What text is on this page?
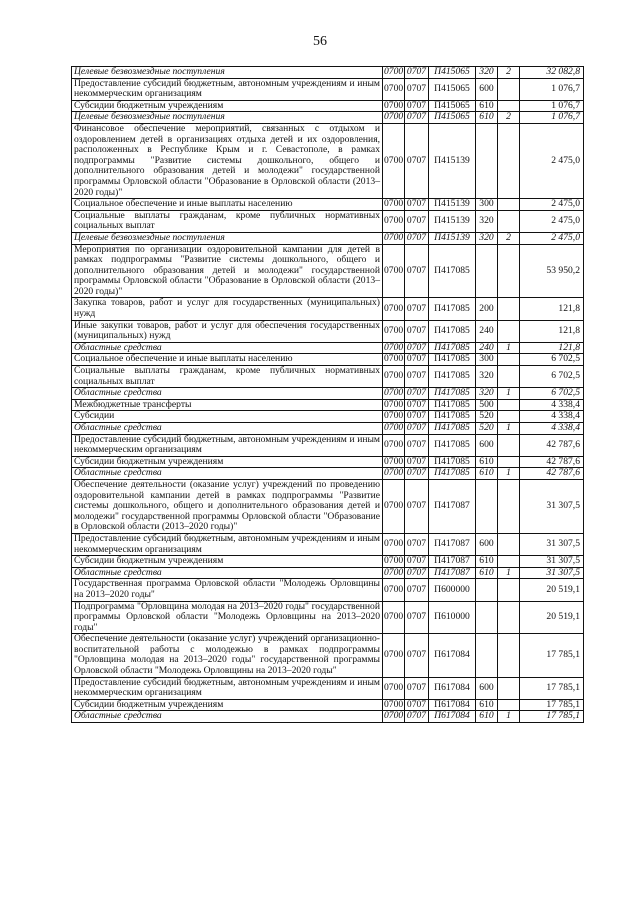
56
Целевые безвозмездные поступления	0700	0707	П415065	320	2	32 082,8
Предоставление субсидий бюджетным, автономным учреждениям и иным некоммерческим организациям	0700	0707	П415065	600		1 076,7
Субсидии бюджетным учреждениям	0700	0707	П415065	610		1 076,7
Целевые безвозмездные поступления	0700	0707	П415065	610	2	1 076,7
Финансовое обеспечение мероприятий, связанных с отдыхом и оздоровлением детей в организациях отдыха детей и их оздоровления, расположенных в Республике Крым и г. Севастополе, в рамках подпрограммы "Развитие системы дошкольного, общего и дополнительного образования детей и молодежи" государственной программы Орловской области "Образование в Орловской области (2013–2020 годы)"	0700	0707	П415139			2 475,0
Социальное обеспечение и иные выплаты населению	0700	0707	П415139	300		2 475,0
Социальные выплаты гражданам, кроме публичных нормативных социальных выплат	0700	0707	П415139	320		2 475,0
Целевые безвозмездные поступления	0700	0707	П415139	320	2	2 475,0
Мероприятия по организации оздоровительной кампании для детей в рамках подпрограммы "Развитие системы дошкольного, общего и дополнительного образования детей и молодежи" государственной программы Орловской области "Образование в Орловской области (2013–2020 годы)"	0700	0707	П417085			53 950,2
Закупка товаров, работ и услуг для государственных (муниципальных) нужд	0700	0707	П417085	200		121,8
Иные закупки товаров, работ и услуг для обеспечения государственных (муниципальных) нужд	0700	0707	П417085	240		121,8
Областные средства	0700	0707	П417085	240	1	121,8
Социальное обеспечение и иные выплаты населению	0700	0707	П417085	300		6 702,5
Социальные выплаты гражданам, кроме публичных нормативных социальных выплат	0700	0707	П417085	320		6 702,5
Областные средства	0700	0707	П417085	320	1	6 702,5
Межбюджетные трансферты	0700	0707	П417085	500		4 338,4
Субсидии	0700	0707	П417085	520		4 338,4
Областные средства	0700	0707	П417085	520	1	4 338,4
Предоставление субсидий бюджетным, автономным учреждениям и иным некоммерческим организациям	0700	0707	П417085	600		42 787,6
Субсидии бюджетным учреждениям	0700	0707	П417085	610		42 787,6
Областные средства	0700	0707	П417085	610	1	42 787,6
Обеспечение деятельности (оказание услуг) учреждений по проведению оздоровительной кампании детей в рамках подпрограммы "Развитие системы дошкольного, общего и дополнительного образования детей и молодежи" государственной программы Орловской области "Образование в Орловской области (2013–2020 годы)"	0700	0707	П417087			31 307,5
Предоставление субсидий бюджетным, автономным учреждениям и иным некоммерческим организациям	0700	0707	П417087	600		31 307,5
Субсидии бюджетным учреждениям	0700	0707	П417087	610		31 307,5
Областные средства	0700	0707	П417087	610	1	31 307,5
Государственная программа Орловской области "Молодежь Орловщины на 2013–2020 годы"	0700	0707	П600000			20 519,1
Подпрограмма "Орловщина молодая на 2013–2020 годы" государственной программы Орловской области "Молодежь Орловщины на 2013–2020 годы"	0700	0707	П610000			20 519,1
Обеспечение деятельности (оказание услуг) учреждений организационно-воспитательной работы с молодежью в рамках подпрограммы "Орловщина молодая на 2013–2020 годы" государственной программы Орловской области "Молодежь Орловщины на 2013–2020 годы"	0700	0707	П617084			17 785,1
Предоставление субсидий бюджетным, автономным учреждениям и иным некоммерческим организациям	0700	0707	П617084	600		17 785,1
Субсидии бюджетным учреждениям	0700	0707	П617084	610		17 785,1
Областные средства	0700	0707	П617084	610	1	17 785,1
